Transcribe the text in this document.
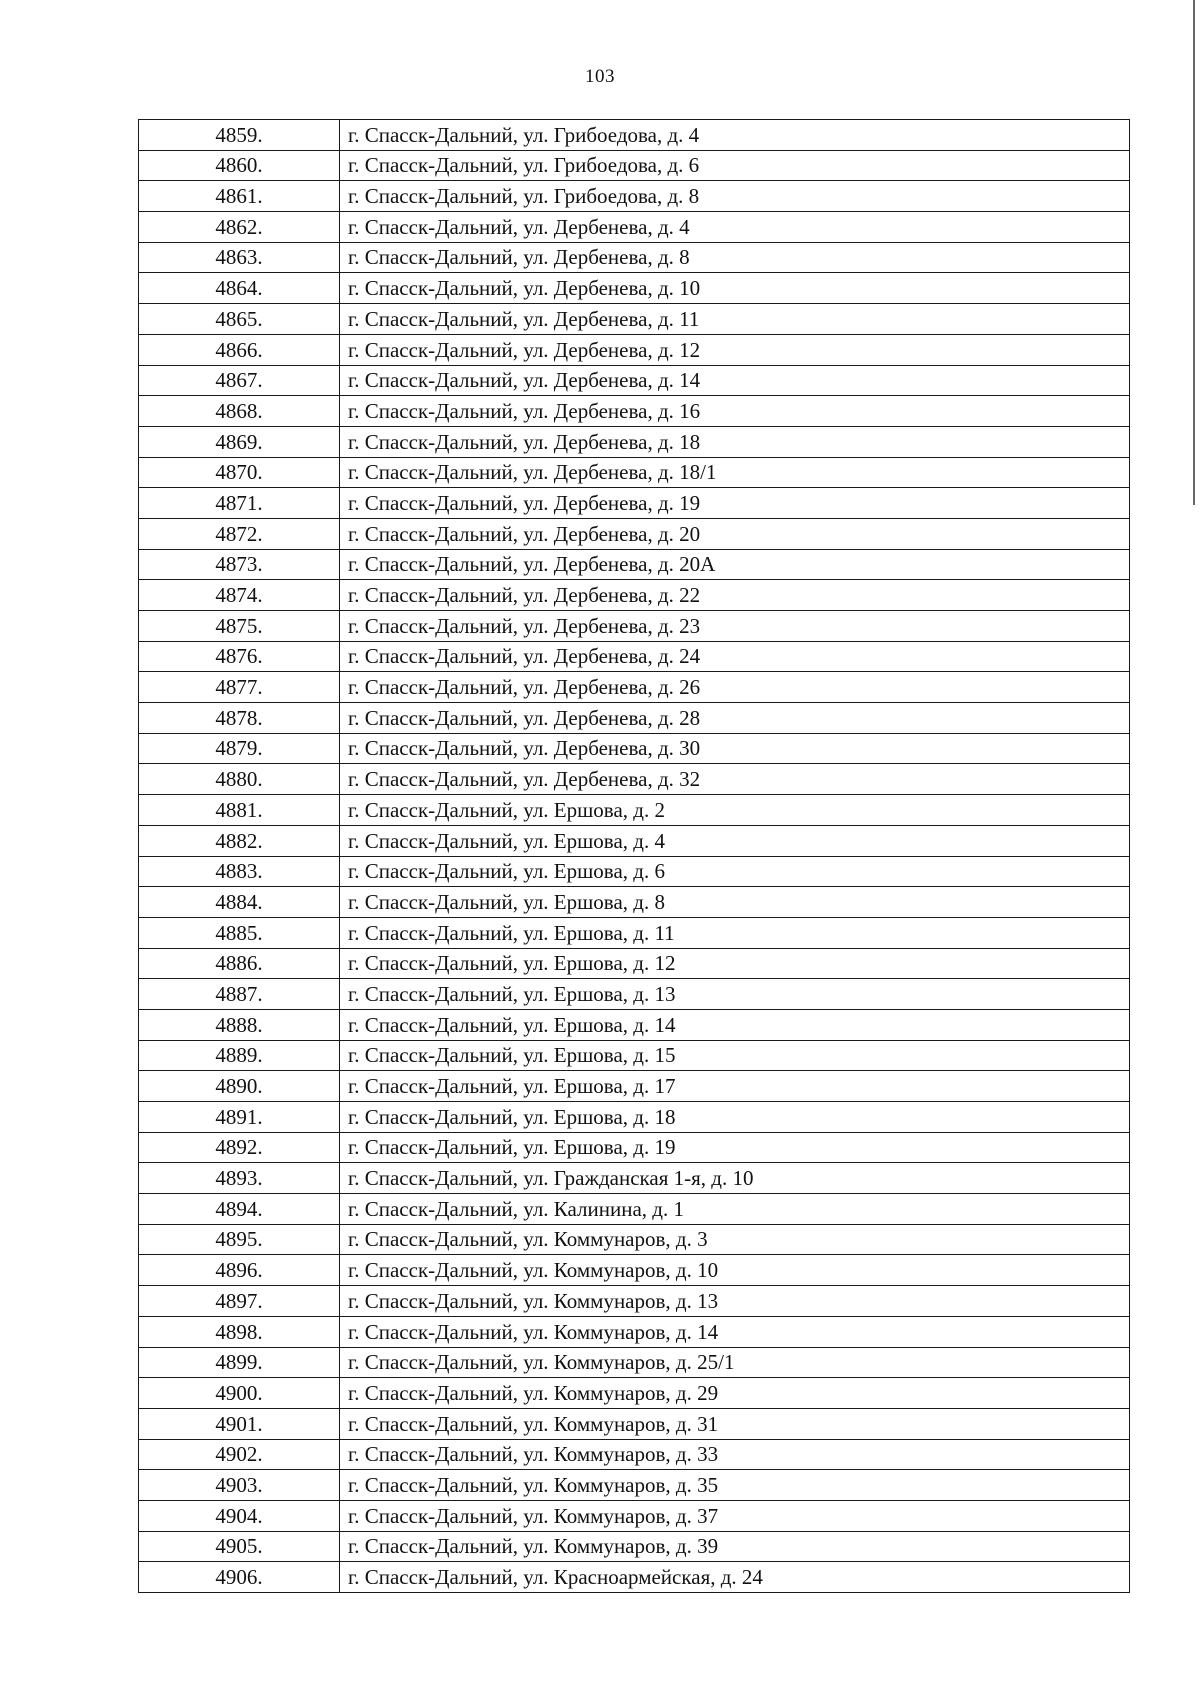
103
4859.	г. Спасск-Дальний, ул. Грибоедова, д. 4
4860.	г. Спасск-Дальний, ул. Грибоедова, д. 6
4861.	г. Спасск-Дальний, ул. Грибоедова, д. 8
4862.	г. Спасск-Дальний, ул. Дербенева, д. 4
4863.	г. Спасск-Дальний, ул. Дербенева, д. 8
4864.	г. Спасск-Дальний, ул. Дербенева, д. 10
4865.	г. Спасск-Дальний, ул. Дербенева, д. 11
4866.	г. Спасск-Дальний, ул. Дербенева, д. 12
4867.	г. Спасск-Дальний, ул. Дербенева, д. 14
4868.	г. Спасск-Дальний, ул. Дербенева, д. 16
4869.	г. Спасск-Дальний, ул. Дербенева, д. 18
4870.	г. Спасск-Дальний, ул. Дербенева, д. 18/1
4871.	г. Спасск-Дальний, ул. Дербенева, д. 19
4872.	г. Спасск-Дальний, ул. Дербенева, д. 20
4873.	г. Спасск-Дальний, ул. Дербенева, д. 20А
4874.	г. Спасск-Дальний, ул. Дербенева, д. 22
4875.	г. Спасск-Дальний, ул. Дербенева, д. 23
4876.	г. Спасск-Дальний, ул. Дербенева, д. 24
4877.	г. Спасск-Дальний, ул. Дербенева, д. 26
4878.	г. Спасск-Дальний, ул. Дербенева, д. 28
4879.	г. Спасск-Дальний, ул. Дербенева, д. 30
4880.	г. Спасск-Дальний, ул. Дербенева, д. 32
4881.	г. Спасск-Дальний, ул. Ершова, д. 2
4882.	г. Спасск-Дальний, ул. Ершова, д. 4
4883.	г. Спасск-Дальний, ул. Ершова, д. 6
4884.	г. Спасск-Дальний, ул. Ершова, д. 8
4885.	г. Спасск-Дальний, ул. Ершова, д. 11
4886.	г. Спасск-Дальний, ул. Ершова, д. 12
4887.	г. Спасск-Дальний, ул. Ершова, д. 13
4888.	г. Спасск-Дальний, ул. Ершова, д. 14
4889.	г. Спасск-Дальний, ул. Ершова, д. 15
4890.	г. Спасск-Дальний, ул. Ершова, д. 17
4891.	г. Спасск-Дальний, ул. Ершова, д. 18
4892.	г. Спасск-Дальний, ул. Ершова, д. 19
4893.	г. Спасск-Дальний, ул. Гражданская 1-я, д. 10
4894.	г. Спасск-Дальний, ул. Калинина, д. 1
4895.	г. Спасск-Дальний, ул. Коммунаров, д. 3
4896.	г. Спасск-Дальний, ул. Коммунаров, д. 10
4897.	г. Спасск-Дальний, ул. Коммунаров, д. 13
4898.	г. Спасск-Дальний, ул. Коммунаров, д. 14
4899.	г. Спасск-Дальний, ул. Коммунаров, д. 25/1
4900.	г. Спасск-Дальний, ул. Коммунаров, д. 29
4901.	г. Спасск-Дальний, ул. Коммунаров, д. 31
4902.	г. Спасск-Дальний, ул. Коммунаров, д. 33
4903.	г. Спасск-Дальний, ул. Коммунаров, д. 35
4904.	г. Спасск-Дальний, ул. Коммунаров, д. 37
4905.	г. Спасск-Дальний, ул. Коммунаров, д. 39
4906.	г. Спасск-Дальний, ул. Красноармейская, д. 24
